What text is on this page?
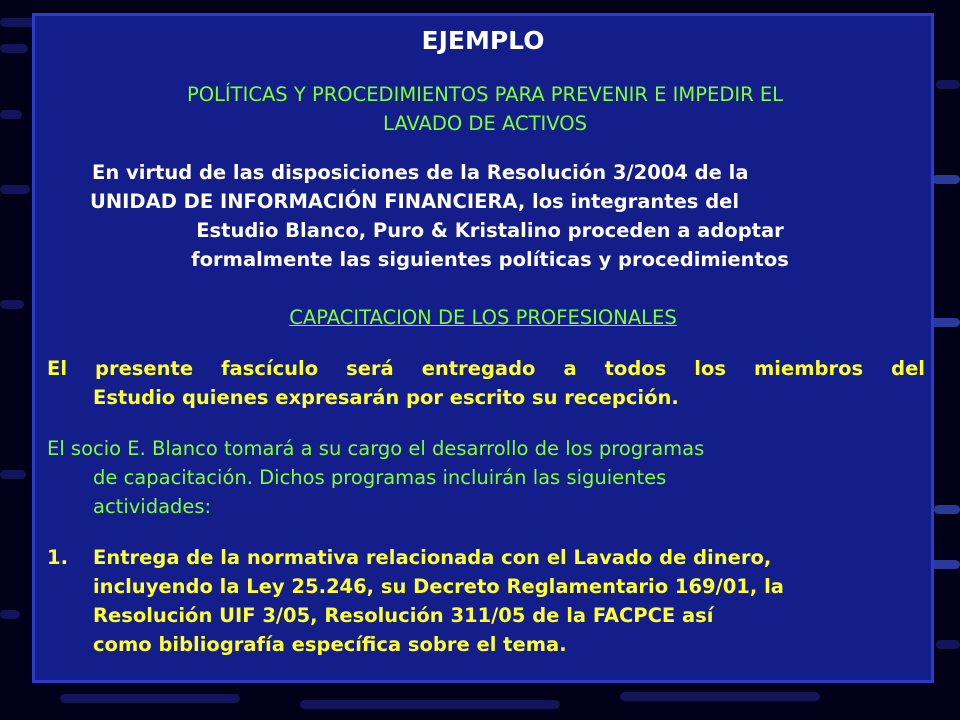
EJEMPLO
POLÍTICAS Y PROCEDIMIENTOS PARA PREVENIR E IMPEDIR EL
LAVADO DE ACTIVOS
En virtud de las disposiciones de la Resolución 3/2004 de la
UNIDAD DE INFORMACIÓN FINANCIERA, los integrantes del
Estudio Blanco, Puro & Kristalino proceden a adoptar
formalmente las siguientes políticas y procedimientos
CAPACITACION DE LOS PROFESIONALES
El presente fascículo será entregado a todos los miembros del
Estudio quienes expresarán por escrito su recepción.
El socio E. Blanco tomará a su cargo el desarrollo de los programas
de capacitación. Dichos programas incluirán las siguientes
actividades:
1. Entrega de la normativa relacionada con el Lavado de dinero,
incluyendo la Ley 25.246, su Decreto Reglamentario 169/01, la
Resolución UIF 3/05, Resolución 311/05 de la FACPCE así
como bibliografía específica sobre el tema.
